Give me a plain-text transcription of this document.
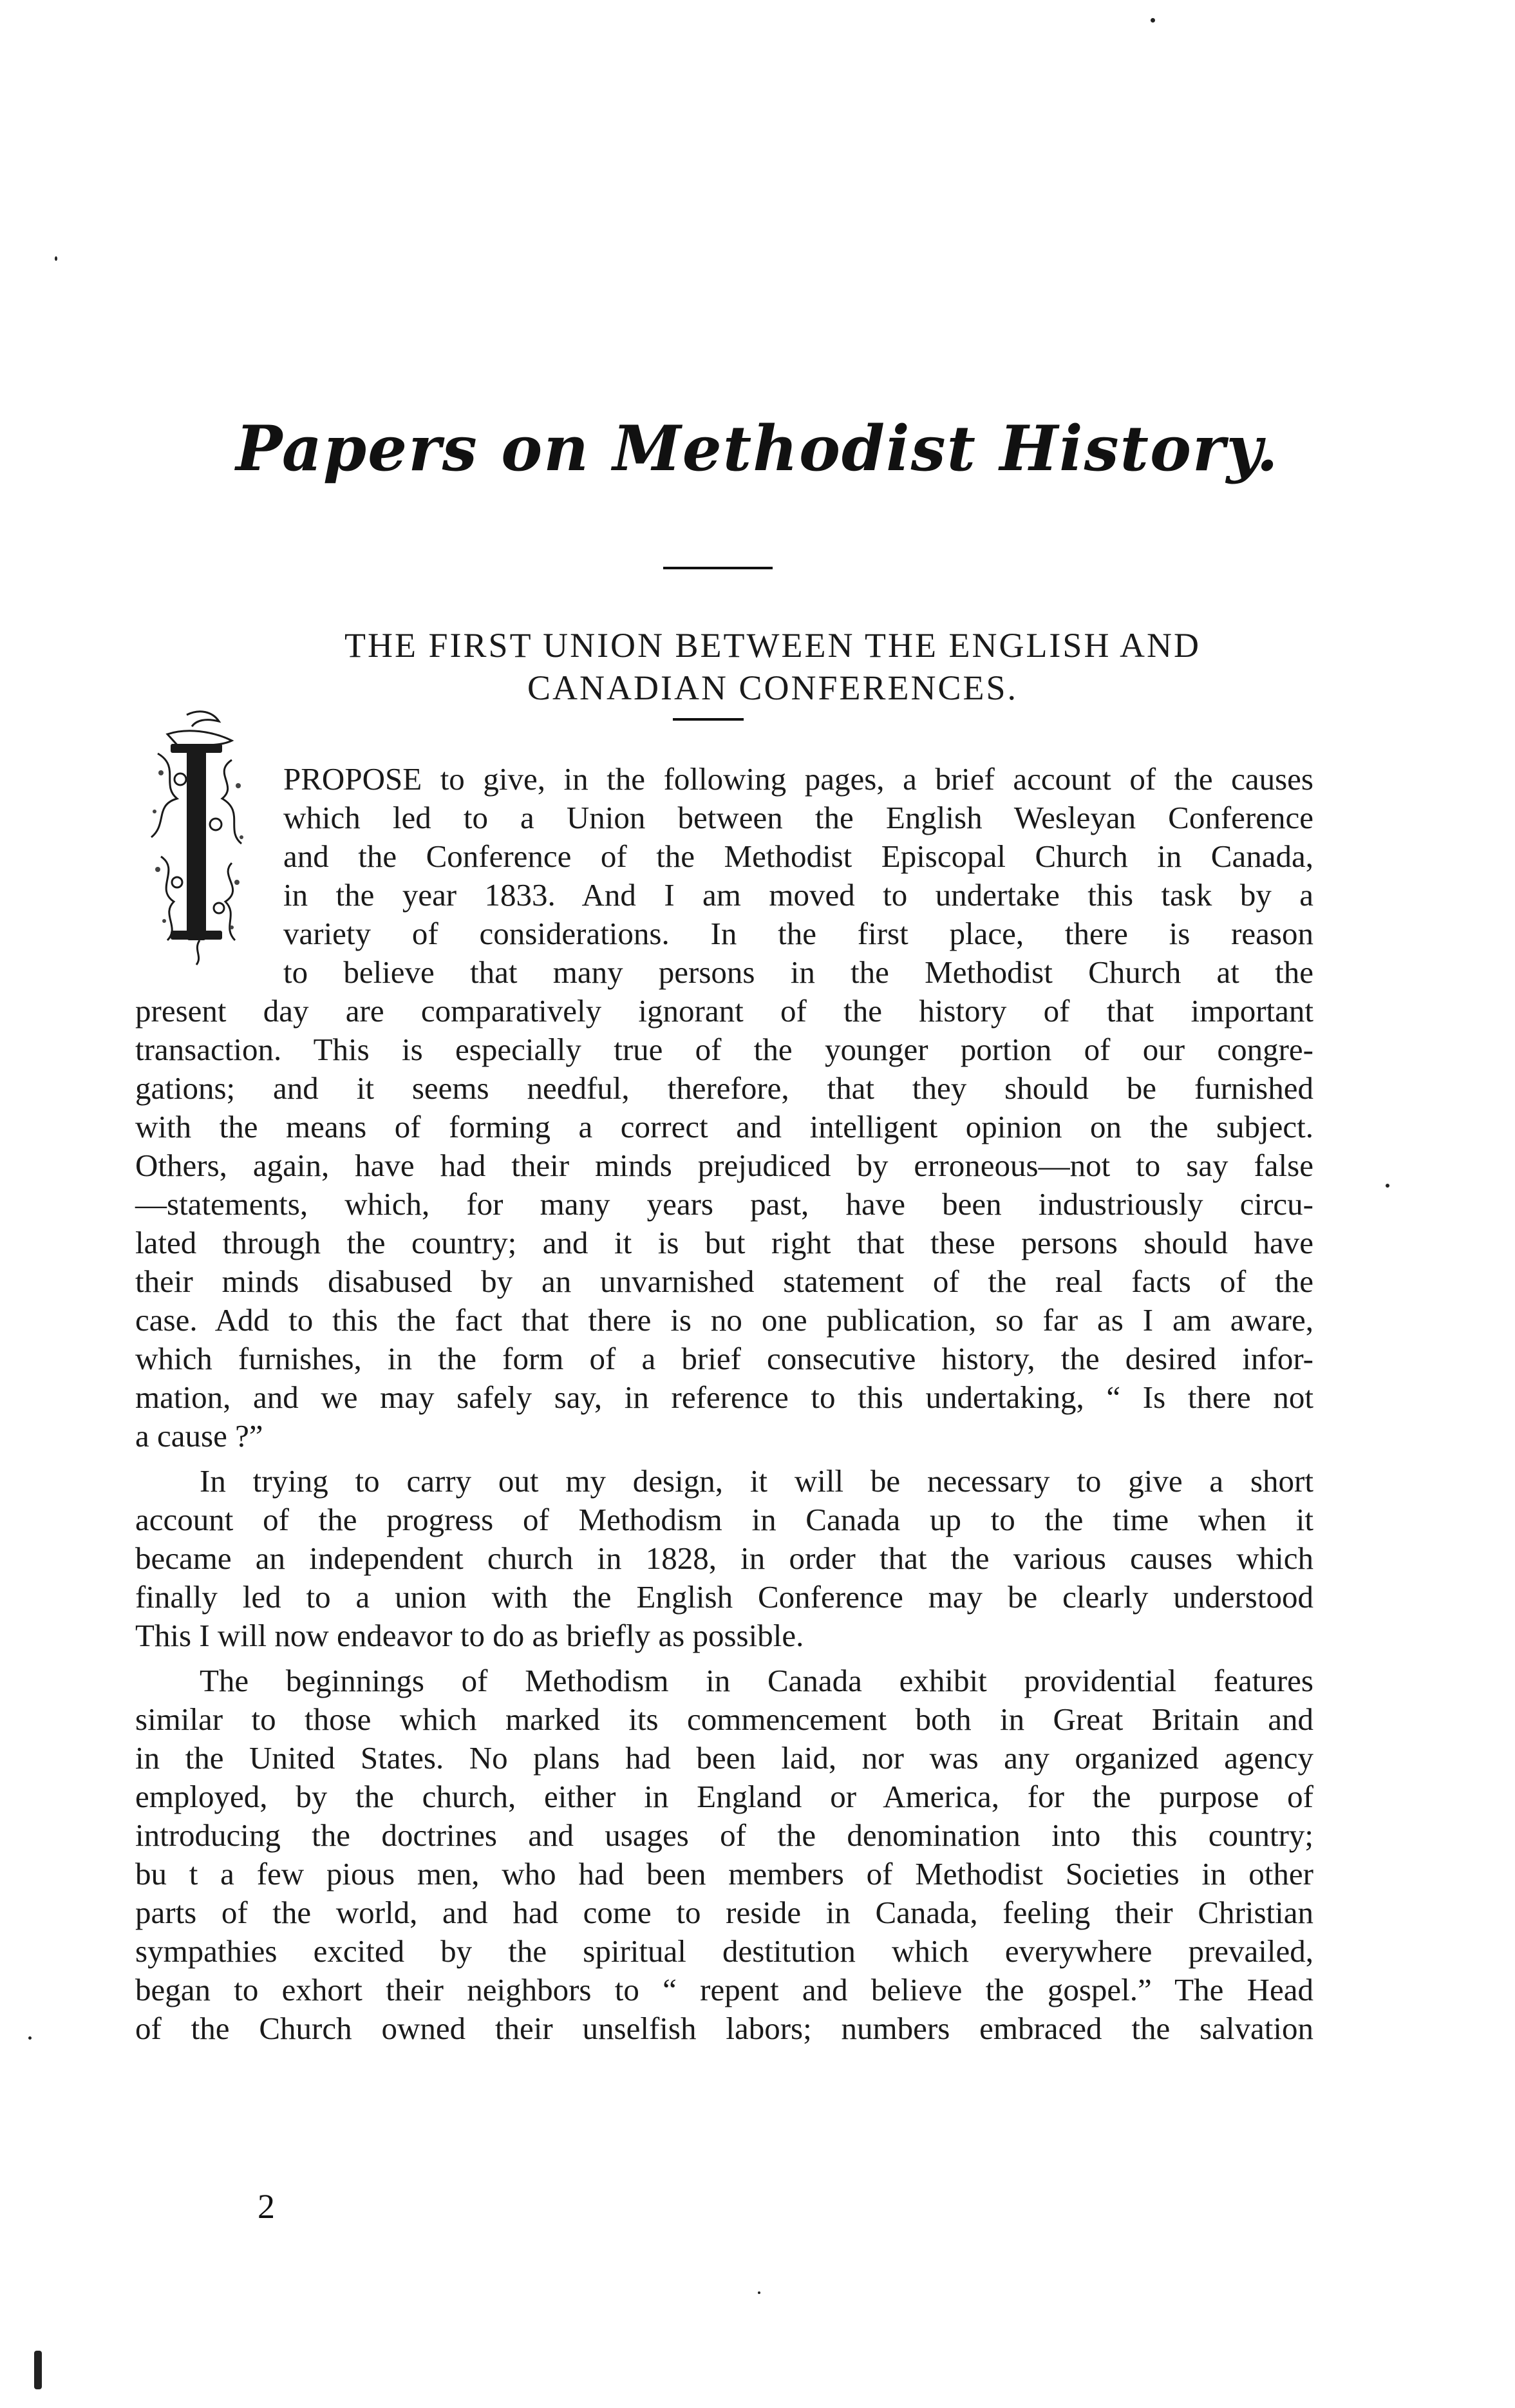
Papers on Methodist History.
THE FIRST UNION BETWEEN THE ENGLISH AND
CANADIAN CONFERENCES.
PROPOSE to give, in the following pages, a brief account of the causes
which led to a Union between the English Wesleyan Conference
and the Conference of the Methodist Episcopal Church in Canada,
in the year 1833. And I am moved to undertake this task by a
variety of considerations. In the first place, there is reason
to believe that many persons in the Methodist Church at the
present day are comparatively ignorant of the history of that important
transaction. This is especially true of the younger portion of our congre-
gations; and it seems needful, therefore, that they should be furnished
with the means of forming a correct and intelligent opinion on the subject.
Others, again, have had their minds prejudiced by erroneous—not to say false
—statements, which, for many years past, have been industriously circu-
lated through the country; and it is but right that these persons should have
their minds disabused by an unvarnished statement of the real facts of the
case. Add to this the fact that there is no one publication, so far as I am aware,
which furnishes, in the form of a brief consecutive history, the desired infor-
mation, and we may safely say, in reference to this undertaking, “ Is there not
a cause ?”
In trying to carry out my design, it will be necessary to give a short
account of the progress of Methodism in Canada up to the time when it
became an independent church in 1828, in order that the various causes which
finally led to a union with the English Conference may be clearly understood
This I will now endeavor to do as briefly as possible.
The beginnings of Methodism in Canada exhibit providential features
similar to those which marked its commencement both in Great Britain and
in the United States. No plans had been laid, nor was any organized agency
employed, by the church, either in England or America, for the purpose of
introducing the doctrines and usages of the denomination into this country;
bu t a few pious men, who had been members of Methodist Societies in other
parts of the world, and had come to reside in Canada, feeling their Christian
sympathies excited by the spiritual destitution which everywhere prevailed,
began to exhort their neighbors to “ repent and believe the gospel.” The Head
of the Church owned their unselfish labors; numbers embraced the salvation
2
